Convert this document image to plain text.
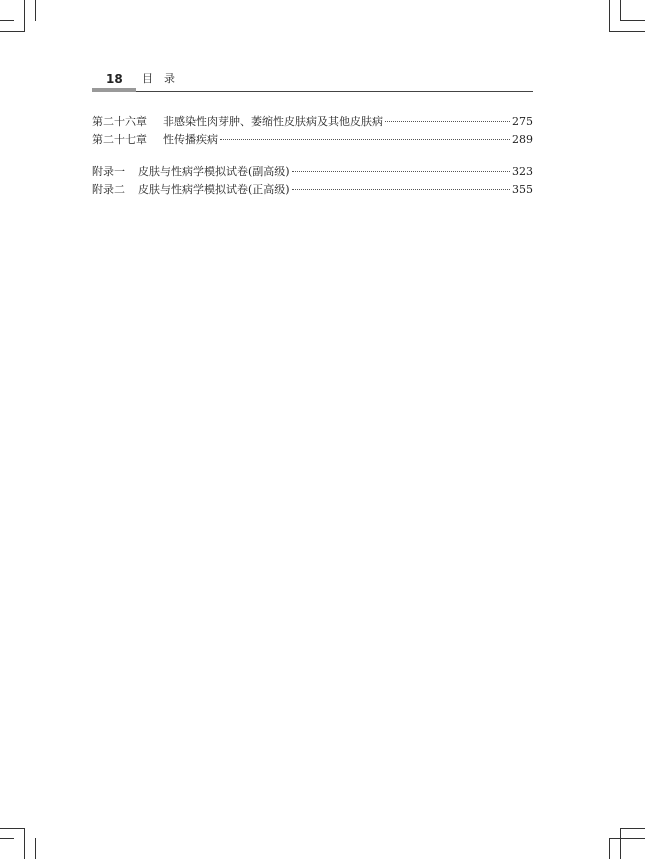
18 目录
第二十六章	非感染性肉芽肿、萎缩性皮肤病及其他皮肤病	275
第二十七章	性传播疾病	289
附录一	皮肤与性病学模拟试卷(副高级)	323
附录二	皮肤与性病学模拟试卷(正高级)	355
